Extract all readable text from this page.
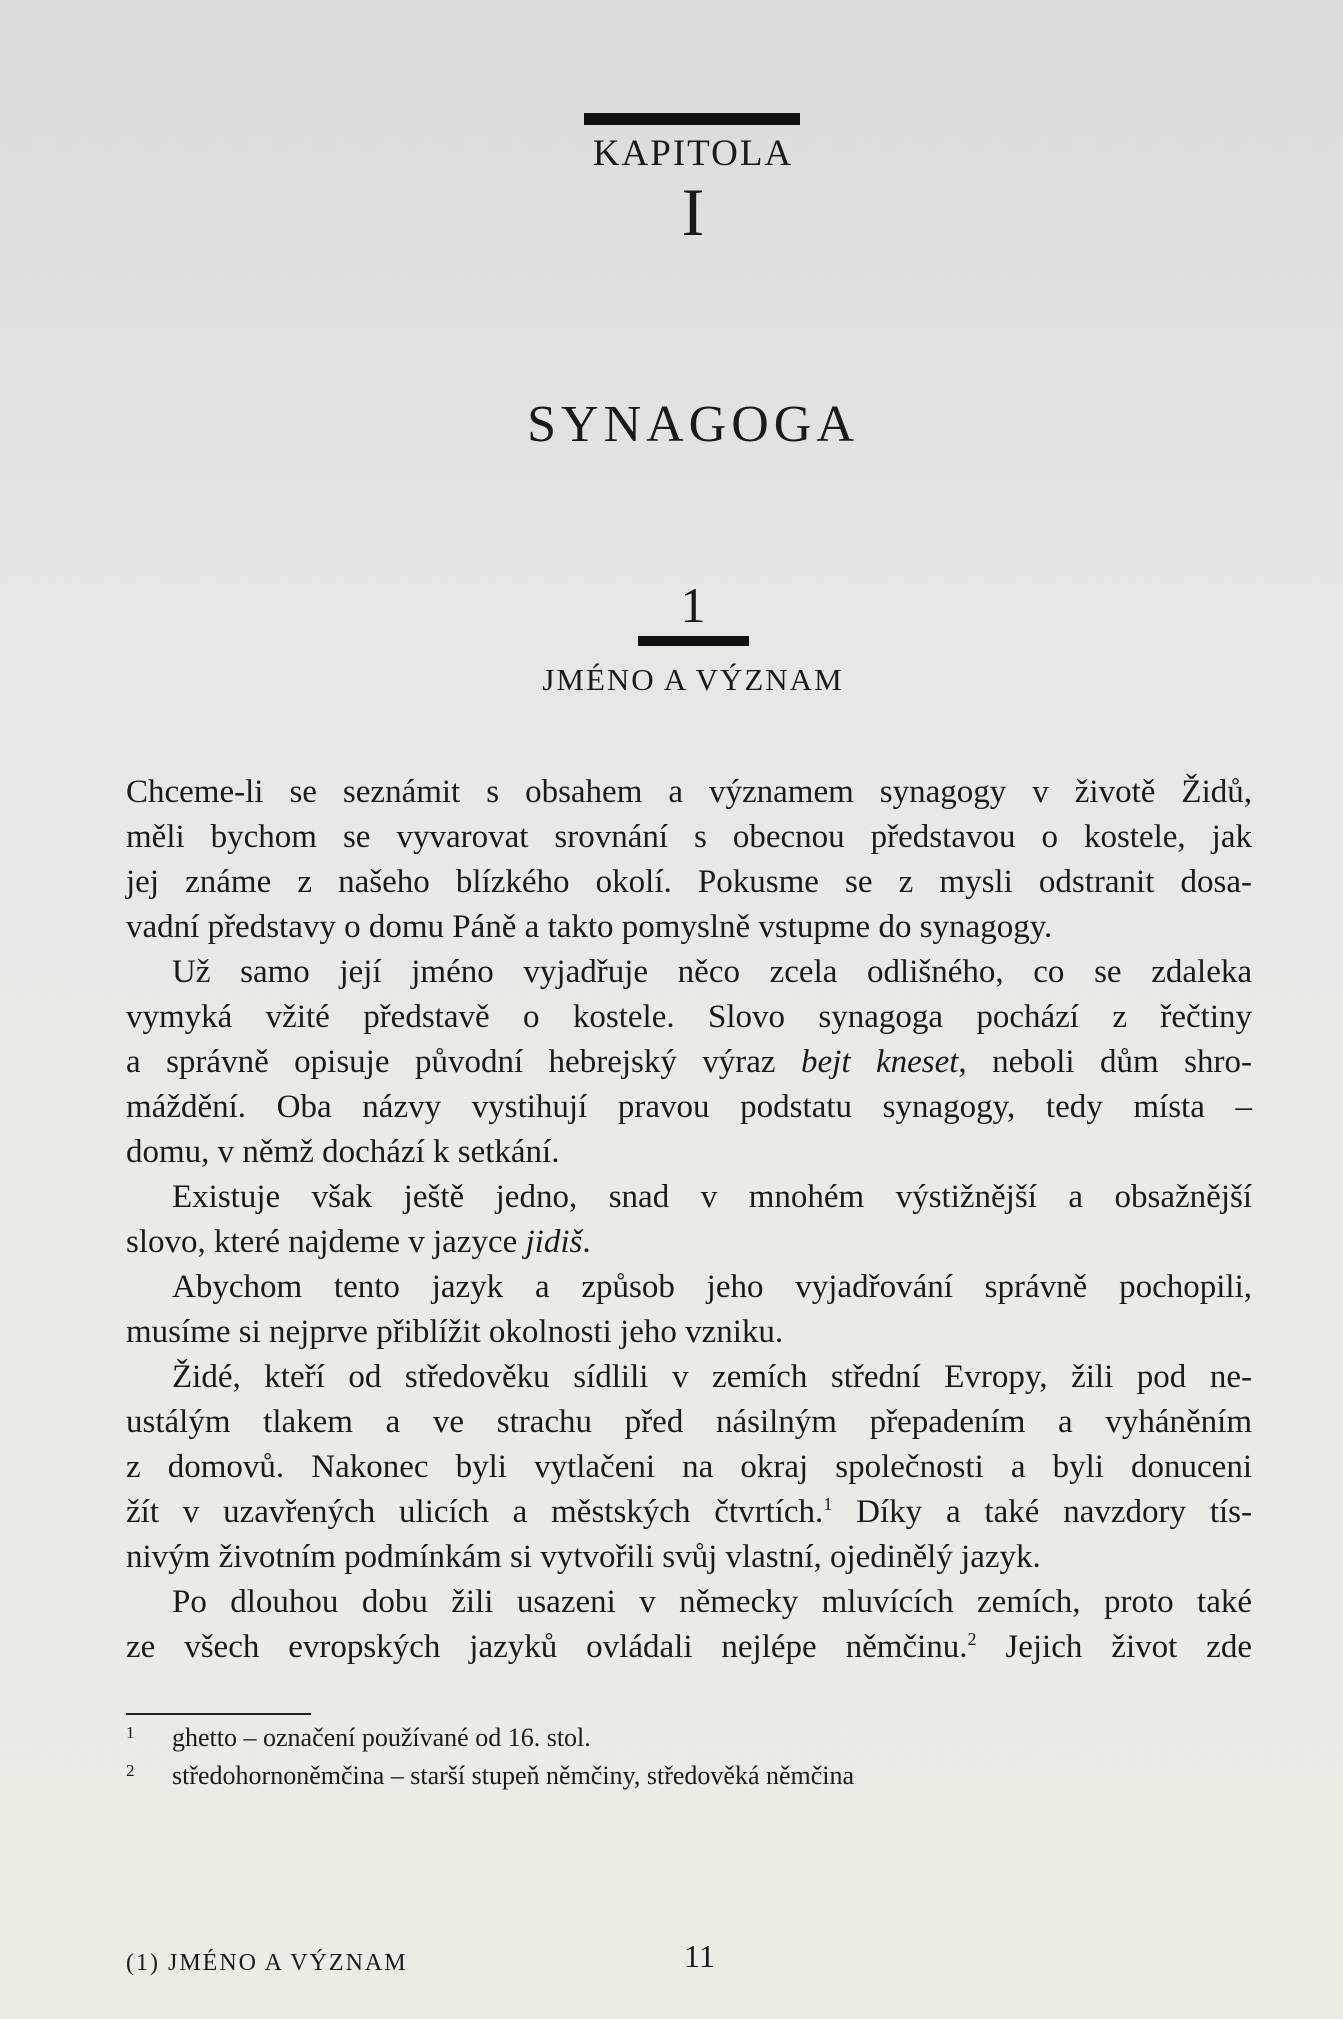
KAPITOLA
I
SYNAGOGA
1
JMÉNO A VÝZNAM
Chceme-li se seznámit s obsahem a významem synagogy v životě Židů,
měli bychom se vyvarovat srovnání s obecnou představou o kostele, jak
jej známe z našeho blízkého okolí. Pokusme se z mysli odstranit dosa-
vadní představy o domu Páně a takto pomyslně vstupme do synagogy.
Už samo její jméno vyjadřuje něco zcela odlišného, co se zdaleka
vymyká vžité představě o kostele. Slovo synagoga pochází z řečtiny
a správně opisuje původní hebrejský výraz bejt kneset, neboli dům shro-
máždění. Oba názvy vystihují pravou podstatu synagogy, tedy místa –
domu, v němž dochází k setkání.
Existuje však ještě jedno, snad v mnohém výstižnější a obsažnější
slovo, které najdeme v jazyce jidiš.
Abychom tento jazyk a způsob jeho vyjadřování správně pochopili,
musíme si nejprve přiblížit okolnosti jeho vzniku.
Židé, kteří od středověku sídlili v zemích střední Evropy, žili pod ne-
ustálým tlakem a ve strachu před násilným přepadením a vyháněním
z domovů. Nakonec byli vytlačeni na okraj společnosti a byli donuceni
žít v uzavřených ulicích a městských čtvrtích.$^1$ Díky a také navzdory tís-
nivým životním podmínkám si vytvořili svůj vlastní, ojedinělý jazyk.
Po dlouhou dobu žili usazeni v německy mluvících zemích, proto také
ze všech evropských jazyků ovládali nejlépe němčinu.$^2$ Jejich život zde
1 ghetto – označení používané od 16. stol.
2 středohornoněmčina – starší stupeň němčiny, středověká němčina
(1) JMÉNO A VÝZNAM	11
